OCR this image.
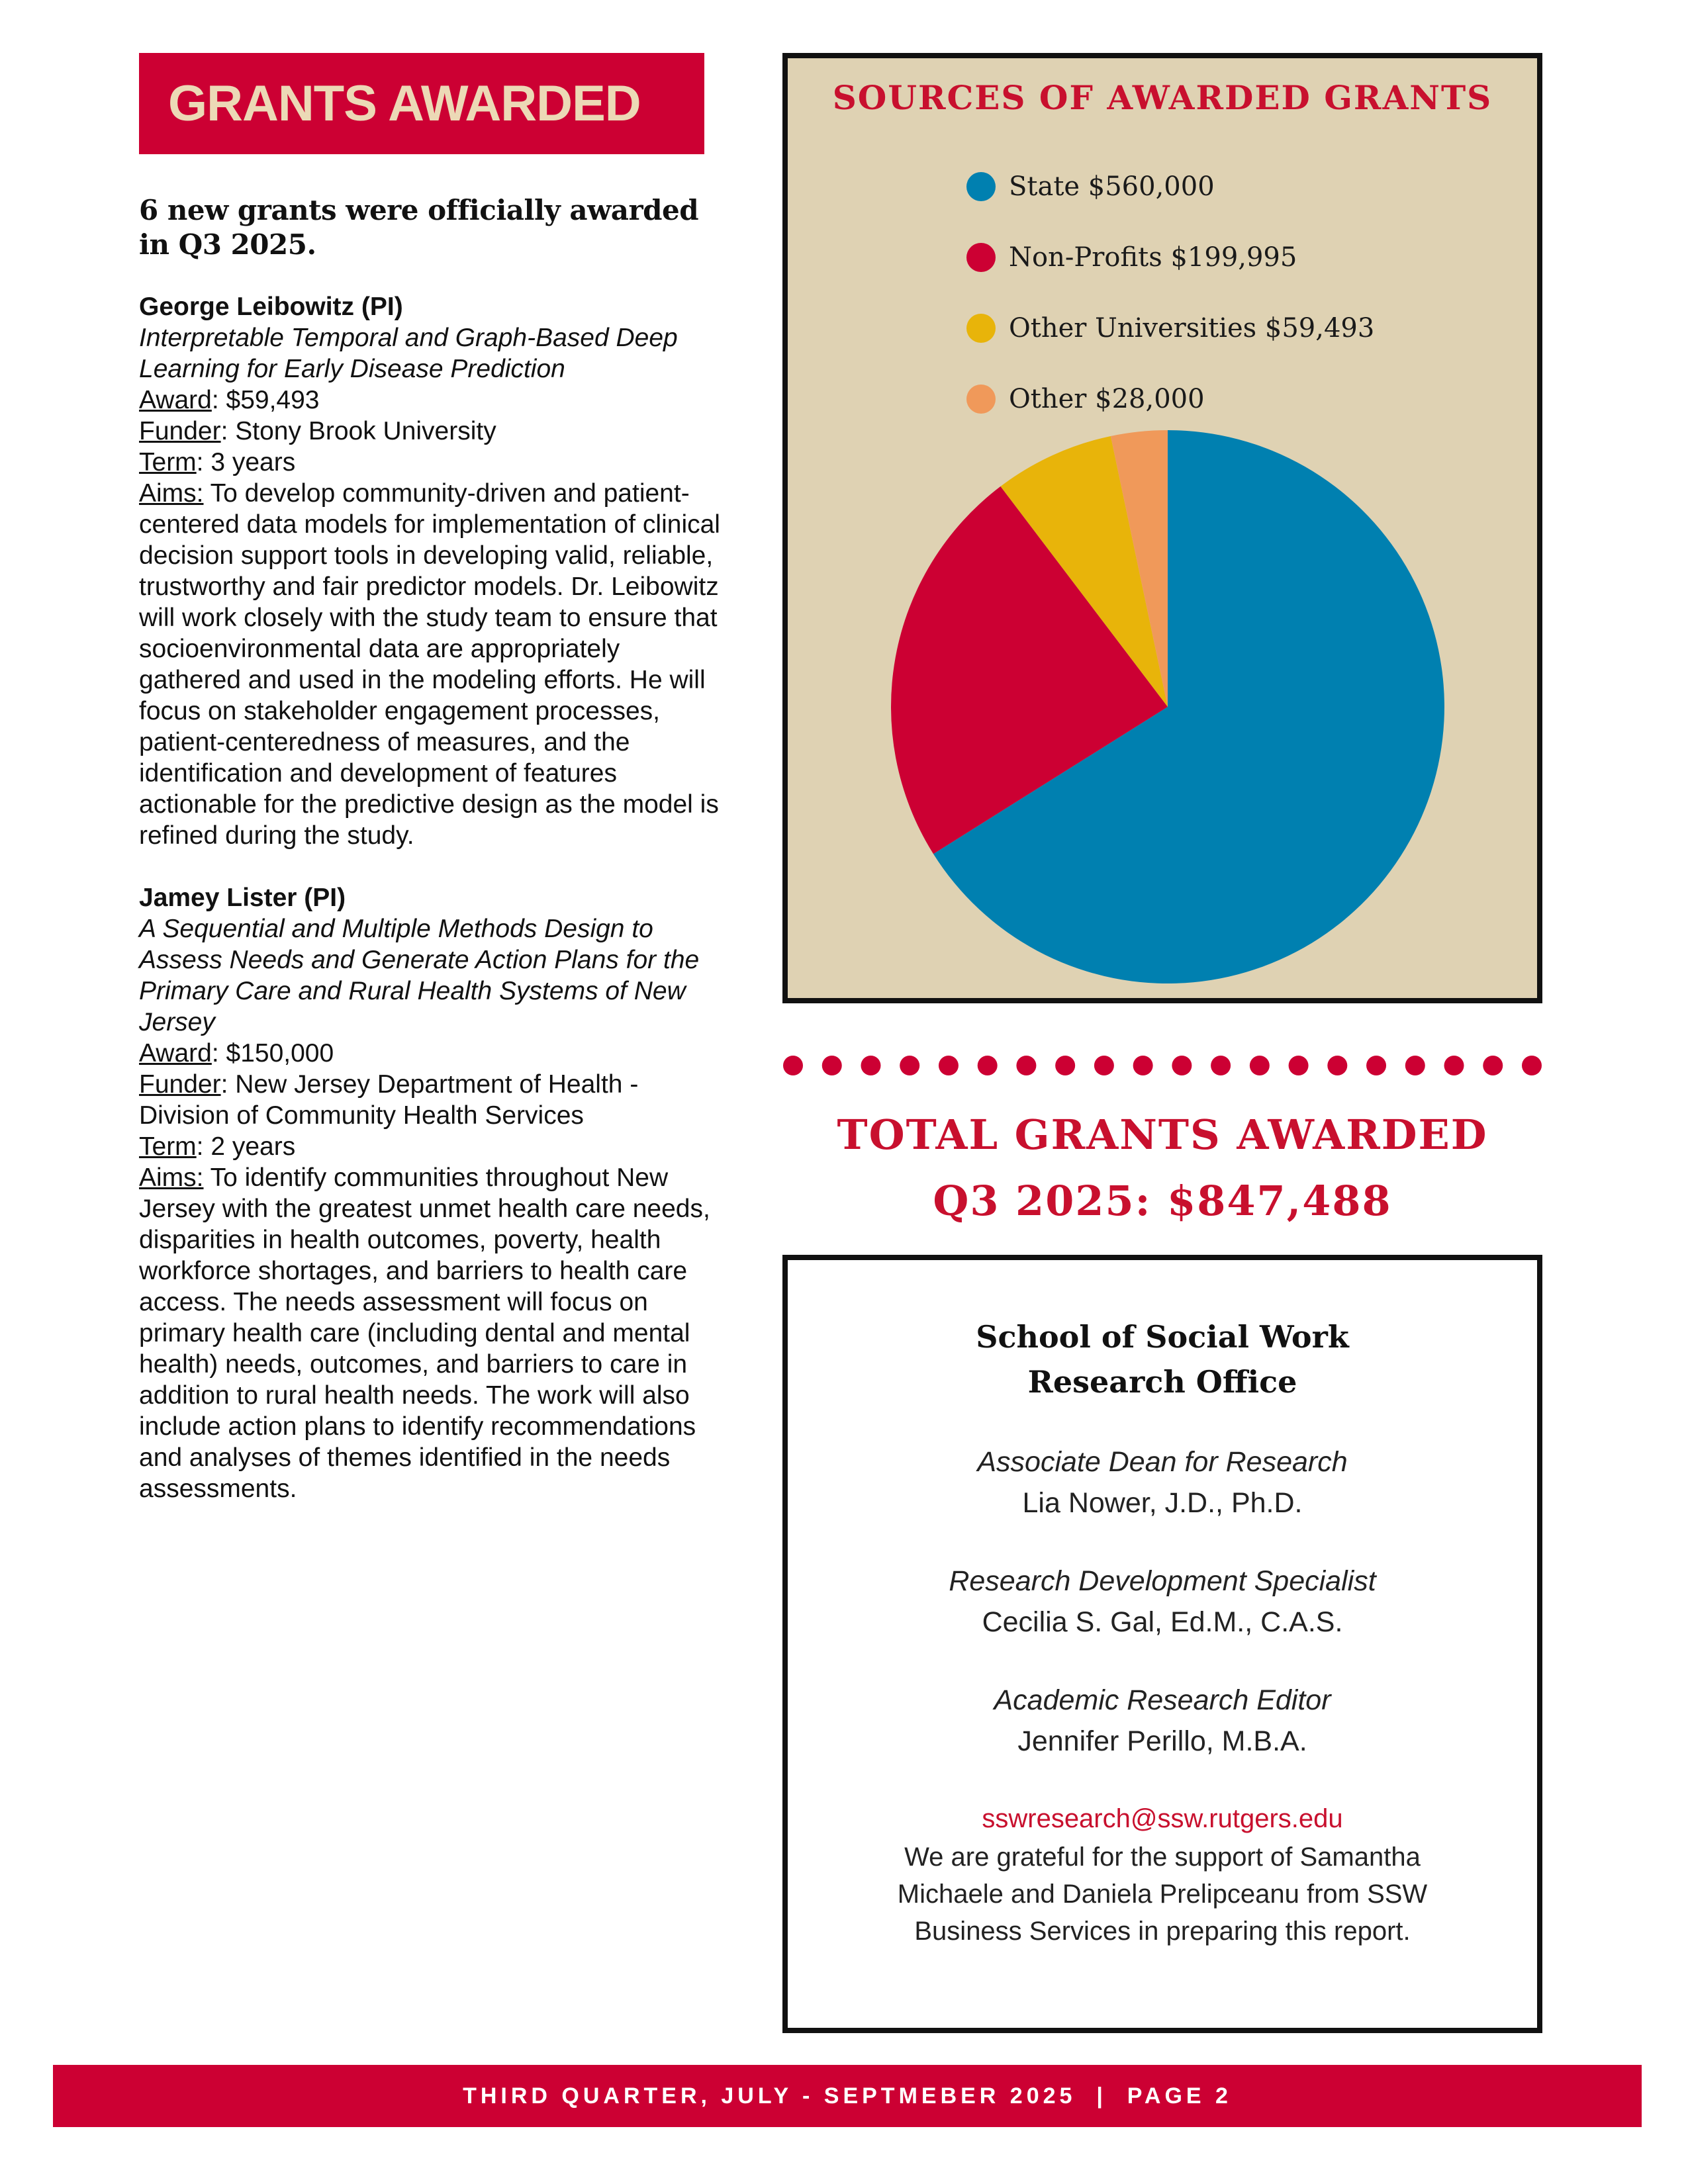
GRANTS AWARDED

6 new grants were officially awarded in Q3 2025.

George Leibowitz (PI)

Interpretable Temporal and Graph-Based Deep Learning for Early Disease Prediction

Award: $59,493

Funder: Stony Brook University

Term: 3 years

Aims: To develop community-driven and patient-centered data models for implementation of clinical decision support tools in developing valid, reliable, trustworthy and fair predictor models. Dr. Leibowitz will work closely with the study team to ensure that socioenvironmental data are appropriately gathered and used in the modeling efforts. He will focus on stakeholder engagement processes, patient-centeredness of measures, and the identification and development of features actionable for the predictive design as the model is refined during the study.

Jamey Lister (PI)

A Sequential and Multiple Methods Design to Assess Needs and Generate Action Plans for the Primary Care and Rural Health Systems of New Jersey

Award: $150,000

Funder: New Jersey Department of Health - Division of Community Health Services

Term: 2 years

Aims: To identify communities throughout New Jersey with the greatest unmet health care needs, disparities in health outcomes, poverty, health workforce shortages, and barriers to health care access. The needs assessment will focus on primary health care (including dental and mental health) needs, outcomes, and barriers to care in addition to rural health needs. The work will also include action plans to identify recommendations and analyses of themes identified in the needs assessments.

SOURCES OF AWARDED GRANTS
State $560,000
Non-Profits $199,995
Other Universities $59,493
Other $28,000
TOTAL GRANTS AWARDED
Q3 2025: $847,488
School of Social Work
Research Office
Associate Dean for Research
Lia Nower, J.D., Ph.D.
Research Development Specialist
Cecilia S. Gal, Ed.M., C.A.S.
Academic Research Editor
Jennifer Perillo, M.B.A.
sswresearch@ssw.rutgers.edu
We are grateful for the support of Samantha Michaele and Daniela Prelipceanu from SSW Business Services in preparing this report.
THIRD QUARTER, JULY - SEPTMEBER 2025  |  PAGE 2
